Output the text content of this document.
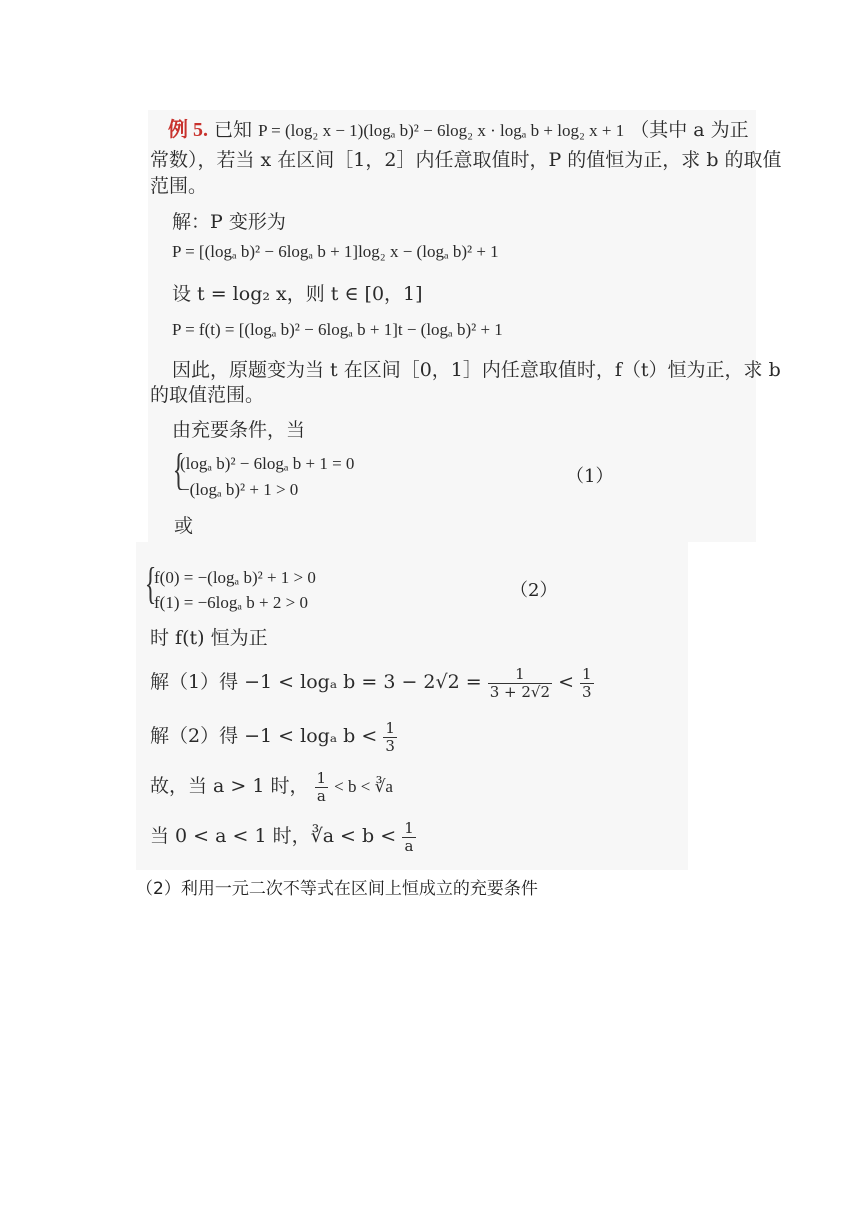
例 5. 已知 P = (log₂ x − 1)(logₐ b)² − 6log₂ x · logₐ b + log₂ x + 1 （其中 a 为正
常数），若当 x 在区间［1，2］内任意取值时，P 的值恒为正，求 b 的取值
范围。
解：P 变形为
P = [(logₐ b)² − 6logₐ b + 1]log₂ x − (logₐ b)² + 1
设 t = log₂ x，则 t ∈ [0，1]
P = f(t) = [(logₐ b)² − 6logₐ b + 1]t − (logₐ b)² + 1
因此，原题变为当 t 在区间［0，1］内任意取值时，f（t）恒为正，求 b
的取值范围。
由充要条件，当
{
(logₐ b)² − 6logₐ b + 1 = 0
−(logₐ b)² + 1 > 0
（1）
或
{
f(0) = −(logₐ b)² + 1 > 0
f(1) = −6logₐ b + 2 > 0
（2）
时 f(t) 恒为正
解（1）得 −1 < logₐ $b = 3 - 2√2 = \frac{1}{3 + 2√2} < \frac{1}{3}$
解（2）得 −1 < logₐ $b < \frac{1}{3}$
故，当 a > 1 时， $\frac{1}{a} < b$ < ∛a
当 0 < a < 1 时，∛a < $b < \frac{1}{a}$
（2）利用一元二次不等式在区间上恒成立的充要条件
